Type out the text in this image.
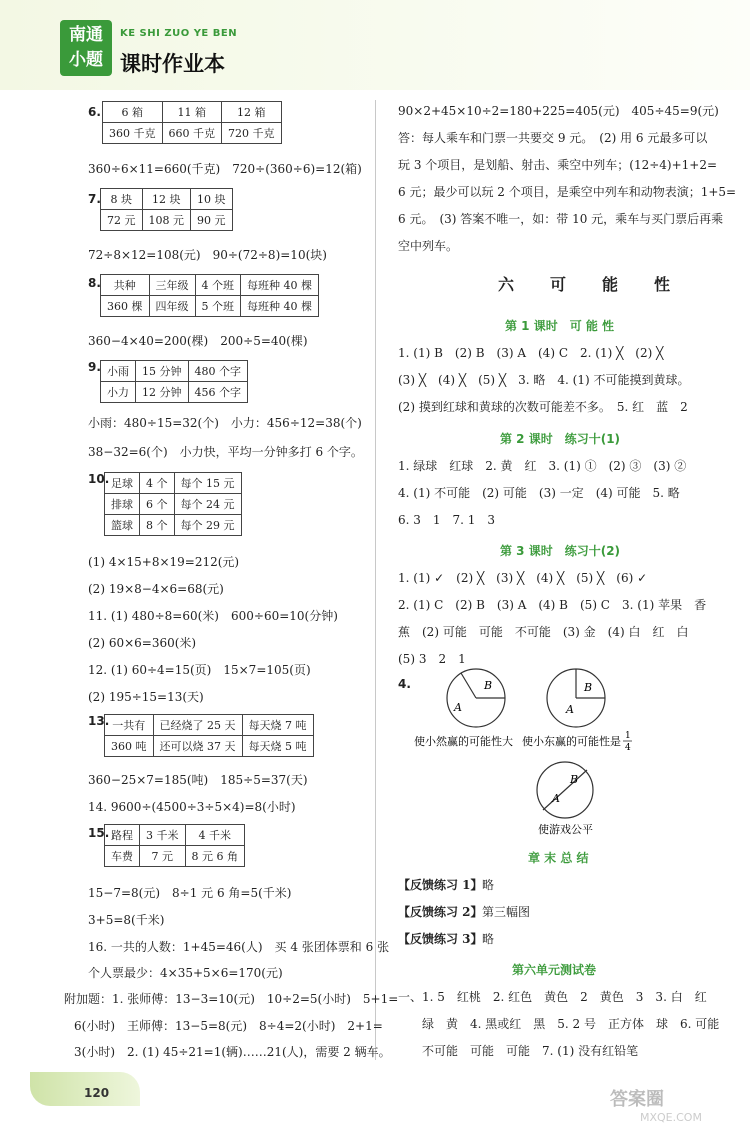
南通
小题
KE SHI ZUO YE BEN
课时作业本
6. 6 箱	11 箱	12 箱
360 千克	660 千克	720 千克
360÷6×11=660(千克)　720÷(360÷6)=12(箱)
7. 8 块	12 块	10 块
72 元	108 元	90 元
72÷8×12=108(元)　90÷(72÷8)=10(块)
8. 共种	三年级	4 个班	每班种 40 棵
360 棵	四年级	5 个班	每班种 40 棵
360−4×40=200(棵)　200÷5=40(棵)
9. 小雨	15 分钟	480 个字
小力	12 分钟	456 个字
小雨：480÷15=32(个)　小力：456÷12=38(个)
38−32=6(个)　小力快，平均一分钟多打 6 个字。
10. 足球	4 个	每个 15 元
排球	6 个	每个 24 元
篮球	8 个	每个 29 元
(1) 4×15+8×19=212(元)
(2) 19×8−4×6=68(元)
11. (1) 480÷8=60(米)　600÷60=10(分钟)
(2) 60×6=360(米)
12. (1) 60÷4=15(页)　15×7=105(页)
(2) 195÷15=13(天)
13. 一共有	已经烧了 25 天	每天烧 7 吨
360 吨	还可以烧 37 天	每天烧 5 吨
360−25×7=185(吨)　185÷5=37(天)
14. 9600÷(4500÷3÷5×4)=8(小时)
15. 路程	3 千米	4 千米
车费	7 元	8 元 6 角
15−7=8(元)　8÷1 元 6 角=5(千米)
3+5=8(千米)
16. 一共的人数：1+45=46(人)　买 4 张团体票和 6 张
个人票最少：4×35+5×6=170(元)
附加题：1. 张师傅：13−3=10(元)　10÷2=5(小时)　5+1=
6(小时)　王师傅：13−5=8(元)　8÷4=2(小时)　2+1=
3(小时)　2. (1) 45÷21=1(辆)……21(人)，需要 2 辆车。
90×2+45×10÷2=180+225=405(元)　405÷45=9(元)
答：每人乘车和门票一共要交 9 元。　(2) 用 6 元最多可以
玩 3 个项目，是划船、射击、乘空中列车；(12÷4)+1+2=
6 元；最少可以玩 2 个项目，是乘空中列车和动物表演；1+5=
6 元。　(3) 答案不唯一，如：带 10 元，乘车与买门票后再乘
空中列车。
六　可　能　性
第 1 课时　可 能 性
1. (1) B　(2) B　(3) A　(4) C　2. (1) ╳　(2) ╳
(3) ╳　(4) ╳　(5) ╳　3. 略　4. (1) 不可能摸到黄球。
(2) 摸到红球和黄球的次数可能差不多。　5. 红　蓝　2
第 2 课时　练习十(1)
1. 绿球　红球　2. 黄　红　3. (1) ①　(2) ③　(3) ②
4. (1) 不可能　(2) 可能　(3) 一定　(4) 可能　5. 略
6. 3　1　7. 1　3
第 3 课时　练习十(2)
1. (1) ✓　(2) ╳　(3) ╳　(4) ╳　(5) ╳　(6) ✓
2. (1) C　(2) B　(3) A　(4) B　(5) C　3. (1) 苹果　香
蕉　(2) 可能　可能　不可能　(3) 金　(4) 白　红　白
(5) 3　2　1
4.
A
B
使小然赢的可能性大
A
B
使小东赢的可能性是 1
4
A
B
使游戏公平
章 末 总 结
【反馈练习 1】 略
【反馈练习 2】 第三幅图
【反馈练习 3】 略
第六单元测试卷
一、1. 5　红桃　2. 红色　黄色　2　黄色　3　3. 白　红
绿　黄　4. 黑或红　黑　5. 2 号　正方体　球　6. 可能
不可能　可能　可能　7. (1) 没有红铅笔
120	答案圈
MXQE.COM
